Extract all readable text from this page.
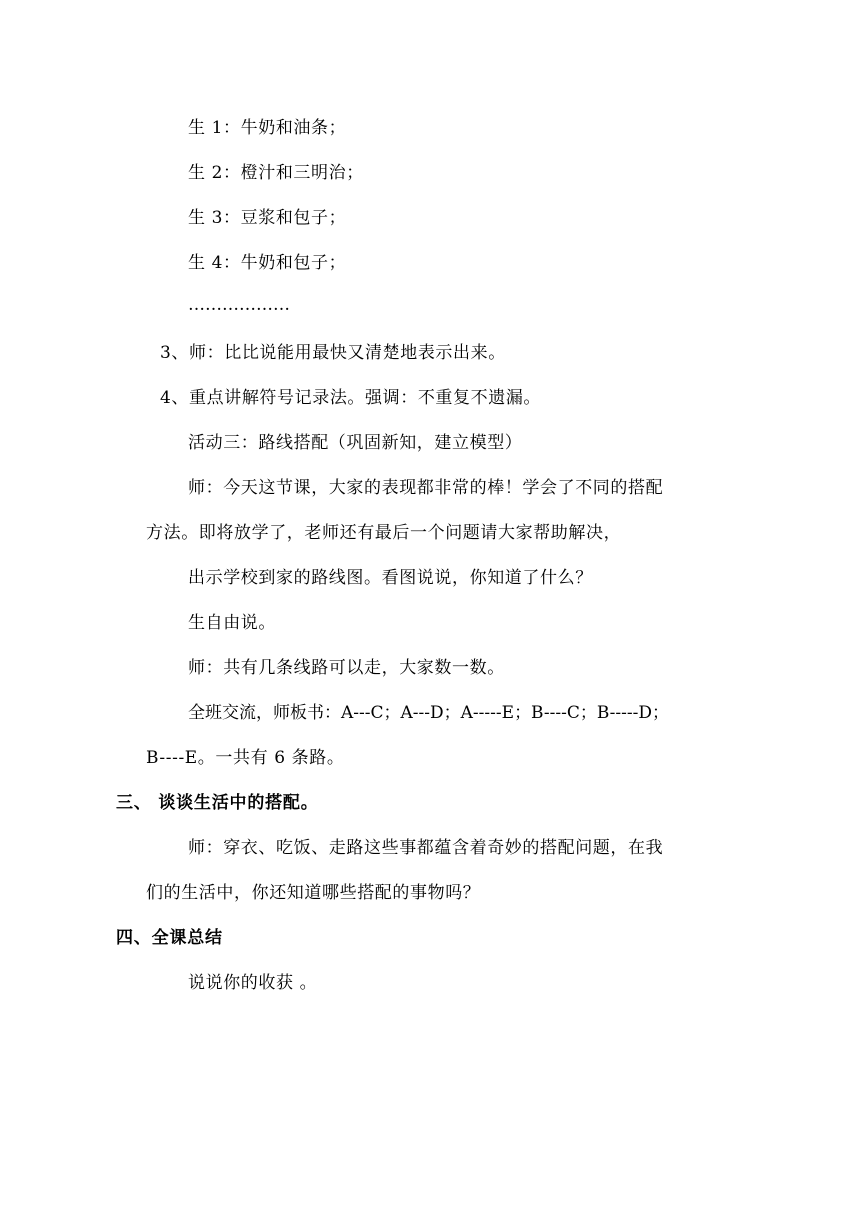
生 1：牛奶和油条；
生 2：橙汁和三明治；
生 3：豆浆和包子；
生 4：牛奶和包子；
………………
3、师：比比说能用最快又清楚地表示出来。
4、重点讲解符号记录法。强调：不重复不遗漏。
活动三：路线搭配（巩固新知，建立模型）
师：今天这节课，大家的表现都非常的棒！学会了不同的搭配
方法。即将放学了，老师还有最后一个问题请大家帮助解决，
出示学校到家的路线图。看图说说，你知道了什么？
生自由说。
师：共有几条线路可以走，大家数一数。
全班交流，师板书：A---C；A---D；A-----E；B----C；B-----D；
B----E。一共有 6 条路。
三、 谈谈生活中的搭配。
师：穿衣、吃饭、走路这些事都蕴含着奇妙的搭配问题，在我
们的生活中，你还知道哪些搭配的事物吗？
四、全课总结
说说你的收获 。
